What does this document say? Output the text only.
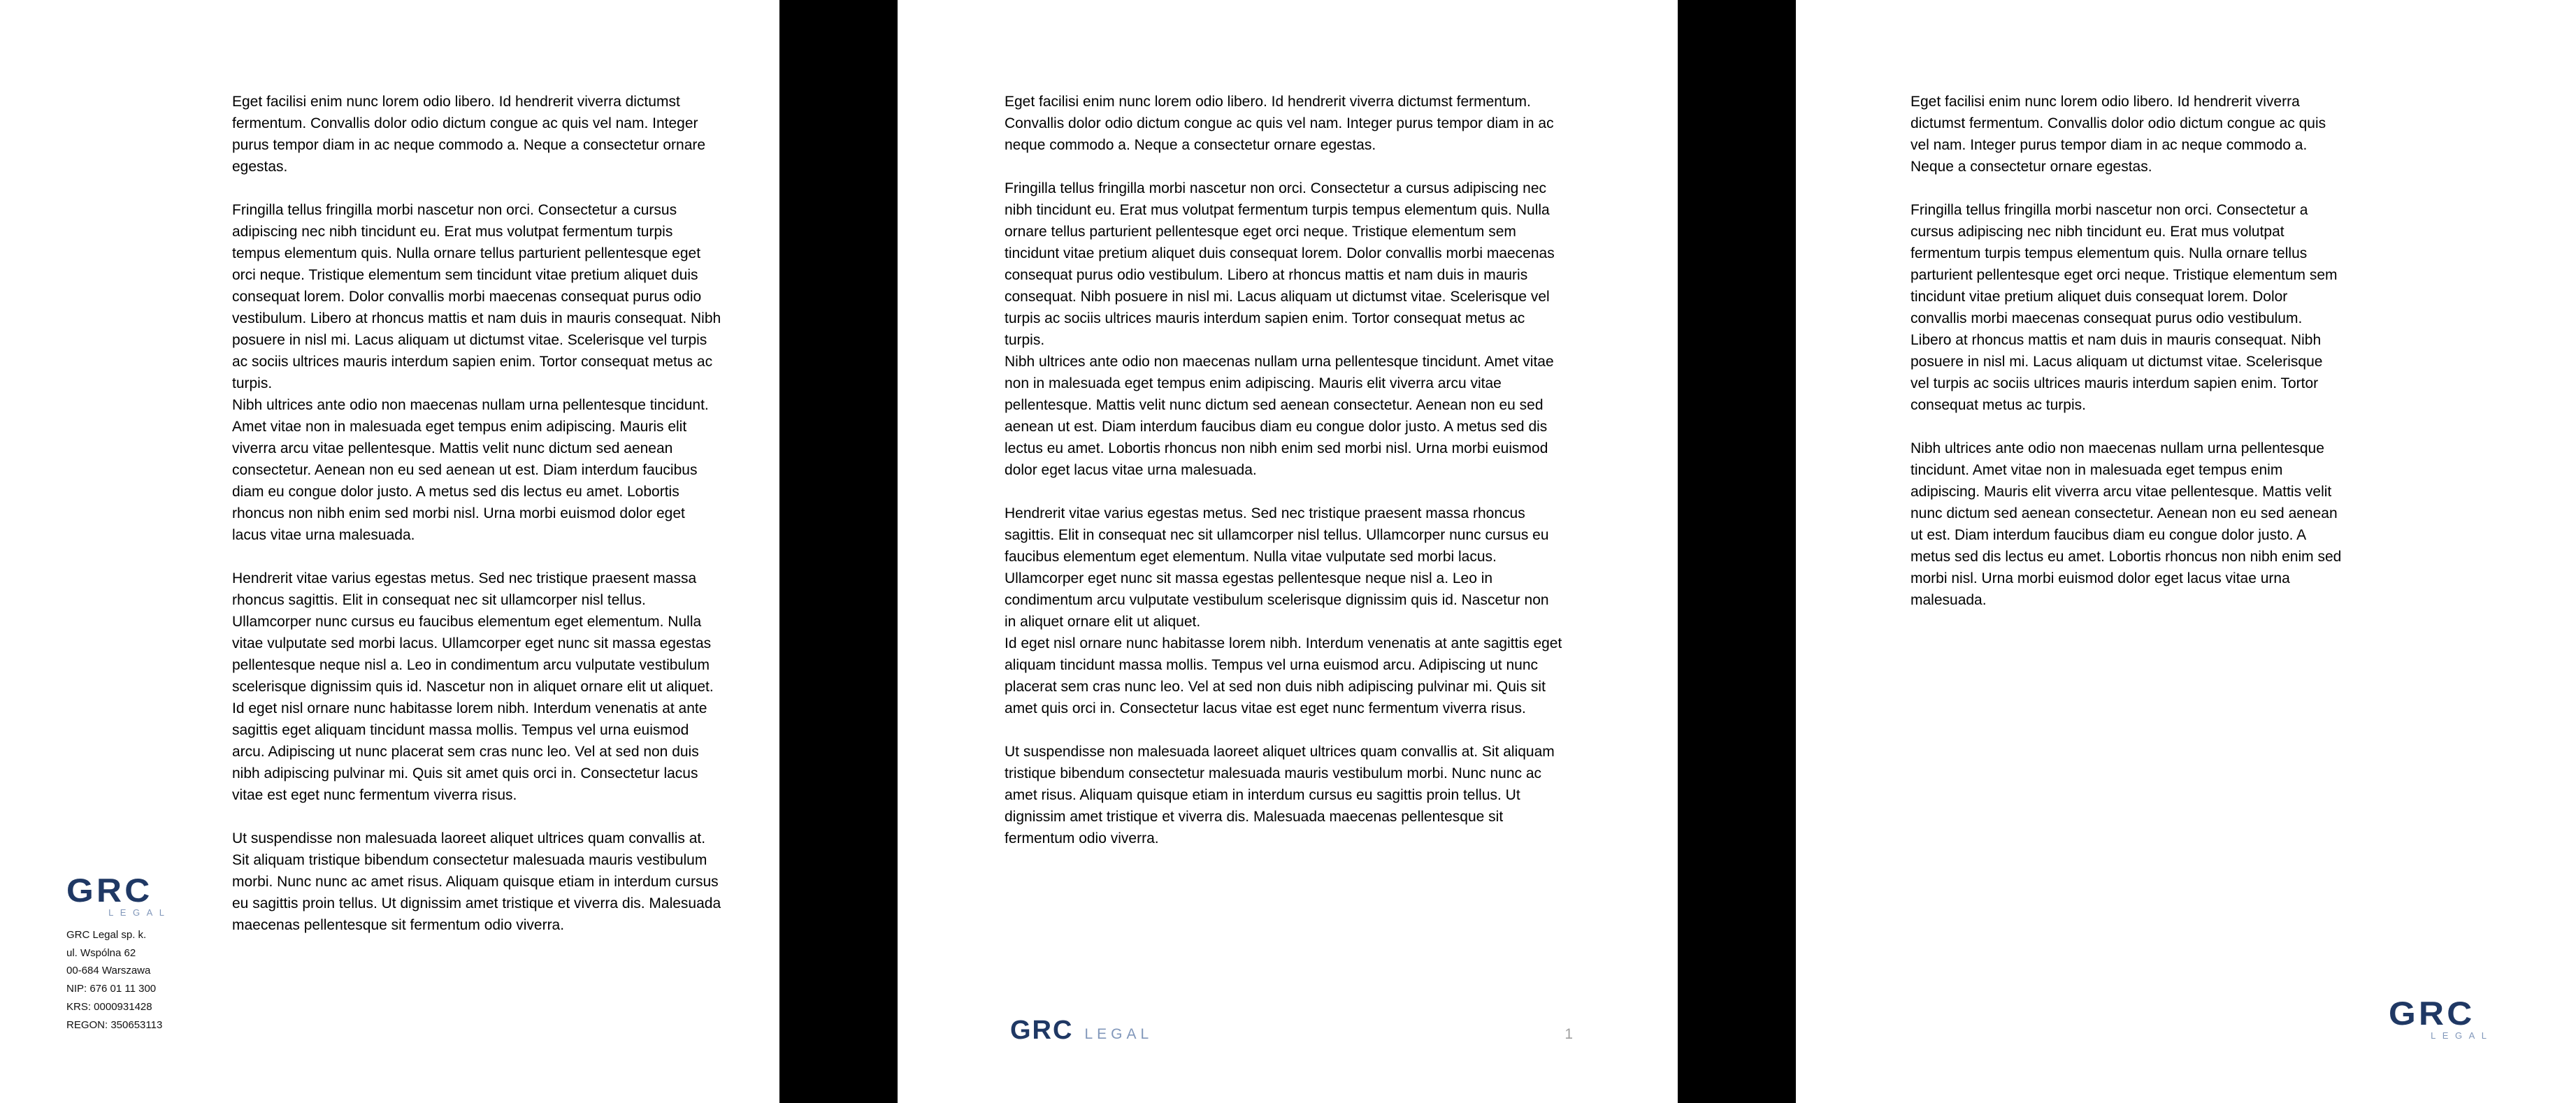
Eget facilisi enim nunc lorem odio libero. Id hendrerit viverra dictumst fermentum. Convallis dolor odio dictum congue ac quis vel nam. Integer purus tempor diam in ac neque commodo a. Neque a consectetur ornare egestas.

Fringilla tellus fringilla morbi nascetur non orci. Consectetur a cursus adipiscing nec nibh tincidunt eu. Erat mus volutpat fermentum turpis tempus elementum quis. Nulla ornare tellus parturient pellentesque eget orci neque. Tristique elementum sem tincidunt vitae pretium aliquet duis consequat lorem. Dolor convallis morbi maecenas consequat purus odio vestibulum. Libero at rhoncus mattis et nam duis in mauris consequat. Nibh posuere in nisl mi. Lacus aliquam ut dictumst vitae. Scelerisque vel turpis ac sociis ultrices mauris interdum sapien enim. Tortor consequat metus ac turpis.
Nibh ultrices ante odio non maecenas nullam urna pellentesque tincidunt. Amet vitae non in malesuada eget tempus enim adipiscing. Mauris elit viverra arcu vitae pellentesque. Mattis velit nunc dictum sed aenean consectetur. Aenean non eu sed aenean ut est. Diam interdum faucibus diam eu congue dolor justo. A metus sed dis lectus eu amet. Lobortis rhoncus non nibh enim sed morbi nisl. Urna morbi euismod dolor eget lacus vitae urna malesuada.

Hendrerit vitae varius egestas metus. Sed nec tristique praesent massa rhoncus sagittis. Elit in consequat nec sit ullamcorper nisl tellus. Ullamcorper nunc cursus eu faucibus elementum eget elementum. Nulla vitae vulputate sed morbi lacus. Ullamcorper eget nunc sit massa egestas pellentesque neque nisl a. Leo in condimentum arcu vulputate vestibulum scelerisque dignissim quis id. Nascetur non in aliquet ornare elit ut aliquet.
Id eget nisl ornare nunc habitasse lorem nibh. Interdum venenatis at ante sagittis eget aliquam tincidunt massa mollis. Tempus vel urna euismod arcu. Adipiscing ut nunc placerat sem cras nunc leo. Vel at sed non duis nibh adipiscing pulvinar mi. Quis sit amet quis orci in. Consectetur lacus vitae est eget nunc fermentum viverra risus.

Ut suspendisse non malesuada laoreet aliquet ultrices quam convallis at. Sit aliquam tristique bibendum consectetur malesuada mauris vestibulum morbi. Nunc nunc ac amet risus. Aliquam quisque etiam in interdum cursus eu sagittis proin tellus. Ut dignissim amet tristique et viverra dis. Malesuada maecenas pellentesque sit fermentum odio viverra.

GRC
LEGAL
GRC Legal sp. k.
ul. Wspólna 62
00-684 Warszawa
NIP: 676 01 11 300
KRS: 0000931428
REGON: 350653113

Eget facilisi enim nunc lorem odio libero. Id hendrerit viverra dictumst fermentum. Convallis dolor odio dictum congue ac quis vel nam. Integer purus tempor diam in ac neque commodo a. Neque a consectetur ornare egestas.

Fringilla tellus fringilla morbi nascetur non orci. Consectetur a cursus adipiscing nec nibh tincidunt eu. Erat mus volutpat fermentum turpis tempus elementum quis. Nulla ornare tellus parturient pellentesque eget orci neque. Tristique elementum sem tincidunt vitae pretium aliquet duis consequat lorem. Dolor convallis morbi maecenas consequat purus odio vestibulum. Libero at rhoncus mattis et nam duis in mauris consequat. Nibh posuere in nisl mi. Lacus aliquam ut dictumst vitae. Scelerisque vel turpis ac sociis ultrices mauris interdum sapien enim. Tortor consequat metus ac turpis.
Nibh ultrices ante odio non maecenas nullam urna pellentesque tincidunt. Amet vitae non in malesuada eget tempus enim adipiscing. Mauris elit viverra arcu vitae pellentesque. Mattis velit nunc dictum sed aenean consectetur. Aenean non eu sed aenean ut est. Diam interdum faucibus diam eu congue dolor justo. A metus sed dis lectus eu amet. Lobortis rhoncus non nibh enim sed morbi nisl. Urna morbi euismod dolor eget lacus vitae urna malesuada.

Hendrerit vitae varius egestas metus. Sed nec tristique praesent massa rhoncus sagittis. Elit in consequat nec sit ullamcorper nisl tellus. Ullamcorper nunc cursus eu faucibus elementum eget elementum. Nulla vitae vulputate sed morbi lacus. Ullamcorper eget nunc sit massa egestas pellentesque neque nisl a. Leo in condimentum arcu vulputate vestibulum scelerisque dignissim quis id. Nascetur non in aliquet ornare elit ut aliquet.
Id eget nisl ornare nunc habitasse lorem nibh. Interdum venenatis at ante sagittis eget aliquam tincidunt massa mollis. Tempus vel urna euismod arcu. Adipiscing ut nunc placerat sem cras nunc leo. Vel at sed non duis nibh adipiscing pulvinar mi. Quis sit amet quis orci in. Consectetur lacus vitae est eget nunc fermentum viverra risus.

Ut suspendisse non malesuada laoreet aliquet ultrices quam convallis at. Sit aliquam tristique bibendum consectetur malesuada mauris vestibulum morbi. Nunc nunc ac amet risus. Aliquam quisque etiam in interdum cursus eu sagittis proin tellus. Ut dignissim amet tristique et viverra dis. Malesuada maecenas pellentesque sit fermentum odio viverra.

GRC LEGAL	1

Eget facilisi enim nunc lorem odio libero. Id hendrerit viverra dictumst fermentum. Convallis dolor odio dictum congue ac quis vel nam. Integer purus tempor diam in ac neque commodo a. Neque a consectetur ornare egestas.

Fringilla tellus fringilla morbi nascetur non orci. Consectetur a cursus adipiscing nec nibh tincidunt eu. Erat mus volutpat fermentum turpis tempus elementum quis. Nulla ornare tellus parturient pellentesque eget orci neque. Tristique elementum sem tincidunt vitae pretium aliquet duis consequat lorem. Dolor convallis morbi maecenas consequat purus odio vestibulum. Libero at rhoncus mattis et nam duis in mauris consequat. Nibh posuere in nisl mi. Lacus aliquam ut dictumst vitae. Scelerisque vel turpis ac sociis ultrices mauris interdum sapien enim. Tortor consequat metus ac turpis.

Nibh ultrices ante odio non maecenas nullam urna pellentesque tincidunt. Amet vitae non in malesuada eget tempus enim adipiscing. Mauris elit viverra arcu vitae pellentesque. Mattis velit nunc dictum sed aenean consectetur. Aenean non eu sed aenean ut est. Diam interdum faucibus diam eu congue dolor justo. A metus sed dis lectus eu amet. Lobortis rhoncus non nibh enim sed morbi nisl. Urna morbi euismod dolor eget lacus vitae urna malesuada.

GRC
LEGAL
